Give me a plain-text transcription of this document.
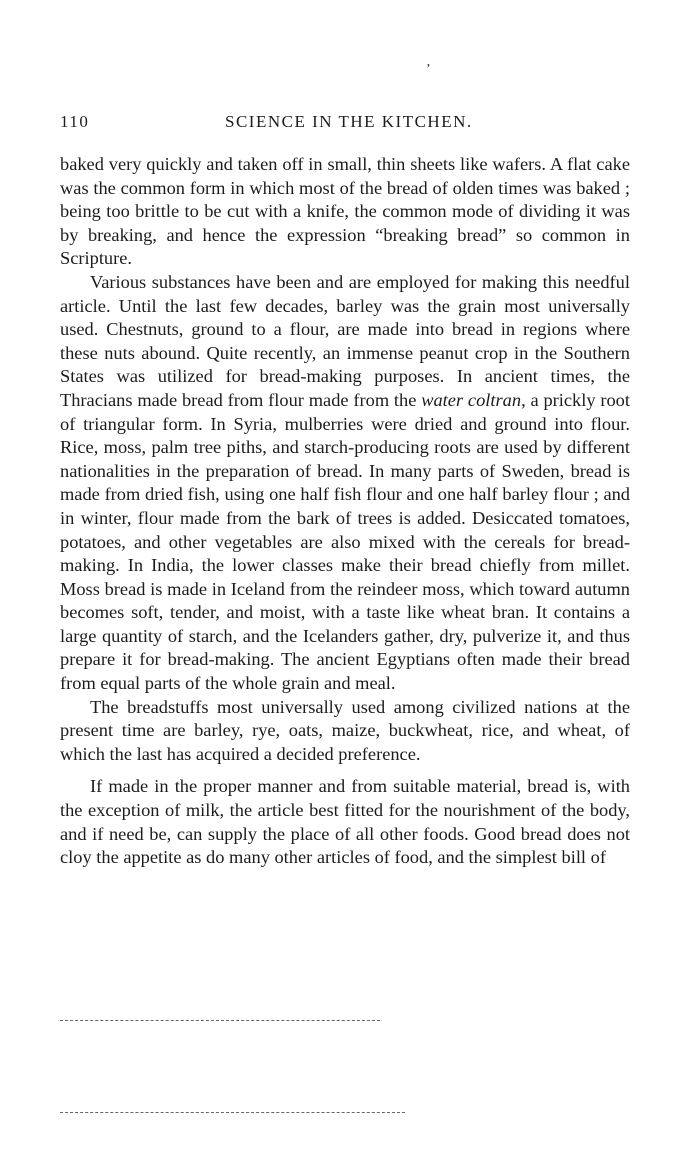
’
110	SCIENCE IN THE KITCHEN.

baked very quickly and taken off in small, thin sheets like wafers. A flat cake was the common form in which most of the bread of olden times was baked ; being too brittle to be cut with a knife, the common mode of dividing it was by breaking, and hence the expression “breaking bread” so common in Scripture.

Various substances have been and are employed for making this needful article. Until the last few decades, barley was the grain most universally used. Chestnuts, ground to a flour, are made into bread in regions where these nuts abound. Quite recently, an immense peanut crop in the Southern States was utilized for bread-making purposes. In ancient times, the Thracians made bread from flour made from the water coltran, a prickly root of triangular form. In Syria, mulberries were dried and ground into flour. Rice, moss, palm tree piths, and starch-producing roots are used by different nationalities in the preparation of bread. In many parts of Sweden, bread is made from dried fish, using one half fish flour and one half barley flour ; and in winter, flour made from the bark of trees is added. Desiccated tomatoes, potatoes, and other vegetables are also mixed with the cereals for bread-making. In India, the lower classes make their bread chiefly from millet. Moss bread is made in Iceland from the reindeer moss, which toward autumn becomes soft, tender, and moist, with a taste like wheat bran. It contains a large quantity of starch, and the Icelanders gather, dry, pulverize it, and thus prepare it for bread-making. The ancient Egyptians often made their bread from equal parts of the whole grain and meal.

The breadstuffs most universally used among civilized nations at the present time are barley, rye, oats, maize, buckwheat, rice, and wheat, of which the last has acquired a decided preference.

If made in the proper manner and from suitable material, bread is, with the exception of milk, the article best fitted for the nourishment of the body, and if need be, can supply the place of all other foods. Good bread does not cloy the appetite as do many other articles of food, and the simplest bill of
